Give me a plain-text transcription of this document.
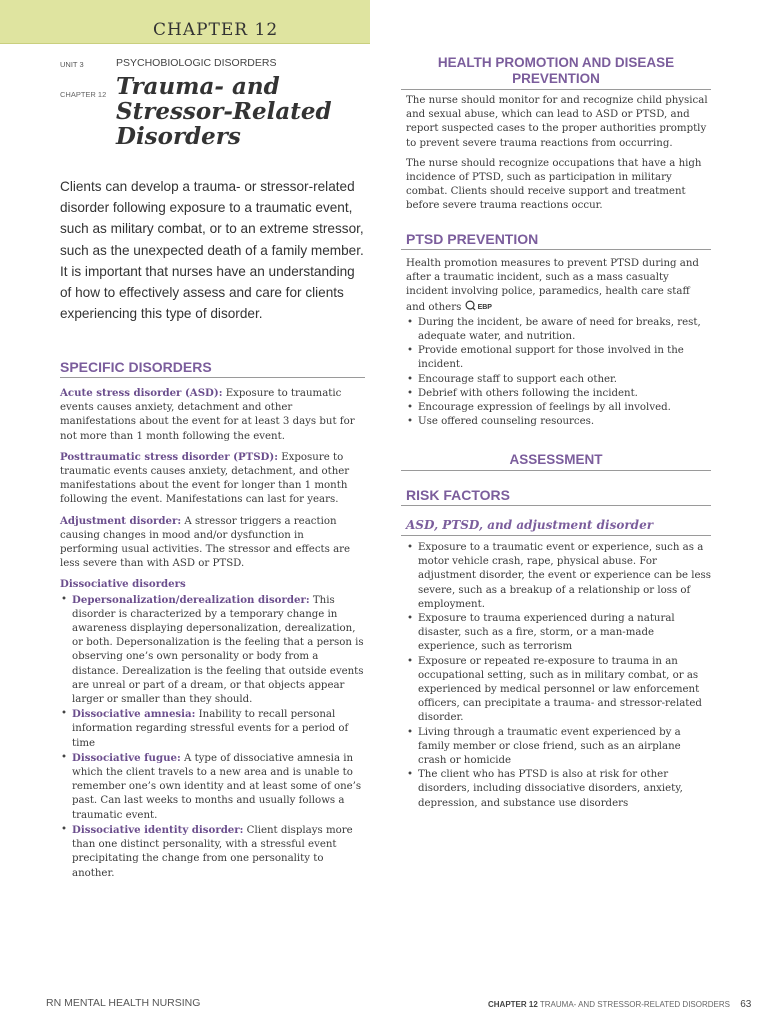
CHAPTER 12
UNIT 3	PSYCHOBIOLOGIC DISORDERS
CHAPTER 12 Trauma- and Stressor-Related Disorders

Clients can develop a trauma- or stressor-related disorder following exposure to a traumatic event, such as military combat, or to an extreme stressor, such as the unexpected death of a family member. It is important that nurses have an understanding of how to effectively assess and care for clients experiencing this type of disorder.

SPECIFIC DISORDERS

Acute stress disorder (ASD): Exposure to traumatic events causes anxiety, detachment and other manifestations about the event for at least 3 days but for not more than 1 month following the event.

Posttraumatic stress disorder (PTSD): Exposure to traumatic events causes anxiety, detachment, and other manifestations about the event for longer than 1 month following the event. Manifestations can last for years.

Adjustment disorder: A stressor triggers a reaction causing changes in mood and/or dysfunction in performing usual activities. The stressor and effects are less severe than with ASD or PTSD.

Dissociative disorders
• Depersonalization/derealization disorder: This disorder is characterized by a temporary change in awareness displaying depersonalization, derealization, or both. Depersonalization is the feeling that a person is observing one’s own personality or body from a distance. Derealization is the feeling that outside events are unreal or part of a dream, or that objects appear larger or smaller than they should.
• Dissociative amnesia: Inability to recall personal information regarding stressful events for a period of time
• Dissociative fugue: A type of dissociative amnesia in which the client travels to a new area and is unable to remember one’s own identity and at least some of one’s past. Can last weeks to months and usually follows a traumatic event.
• Dissociative identity disorder: Client displays more than one distinct personality, with a stressful event precipitating the change from one personality to another.
HEALTH PROMOTION AND DISEASE PREVENTION

The nurse should monitor for and recognize child physical and sexual abuse, which can lead to ASD or PTSD, and report suspected cases to the proper authorities promptly to prevent severe trauma reactions from occurring.

The nurse should recognize occupations that have a high incidence of PTSD, such as participation in military combat. Clients should receive support and treatment before severe trauma reactions occur.

PTSD PREVENTION

Health promotion measures to prevent PTSD during and after a traumatic incident, such as a mass casualty incident involving police, paramedics, health care staff and others EBP

• During the incident, be aware of need for breaks, rest, adequate water, and nutrition.
• Provide emotional support for those involved in the incident.
• Encourage staff to support each other.
• Debrief with others following the incident.
• Encourage expression of feelings by all involved.
• Use offered counseling resources.
ASSESSMENT
RISK FACTORS
ASD, PTSD, and adjustment disorder
• Exposure to a traumatic event or experience, such as a motor vehicle crash, rape, physical abuse. For adjustment disorder, the event or experience can be less severe, such as a breakup of a relationship or loss of employment.
• Exposure to trauma experienced during a natural disaster, such as a fire, storm, or a man-made experience, such as terrorism
• Exposure or repeated re-exposure to trauma in an occupational setting, such as in military combat, or as experienced by medical personnel or law enforcement officers, can precipitate a trauma- and stressor-related disorder.
• Living through a traumatic event experienced by a family member or close friend, such as an airplane crash or homicide
• The client who has PTSD is also at risk for other disorders, including dissociative disorders, anxiety, depression, and substance use disorders
RN MENTAL HEALTH NURSING	CHAPTER 12 TRAUMA- AND STRESSOR-RELATED DISORDERS 63
